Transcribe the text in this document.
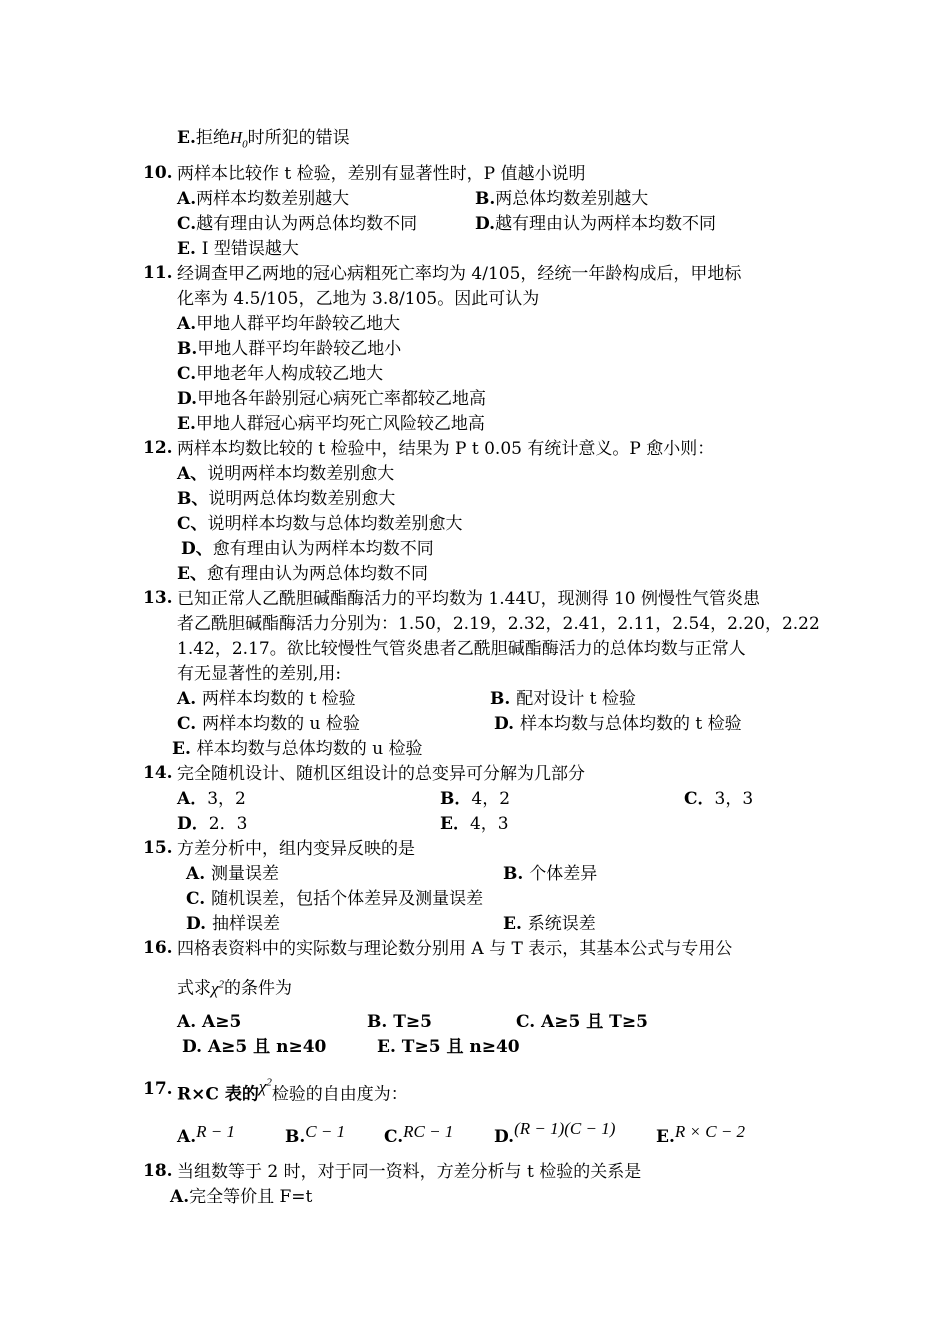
E.拒绝$H_0$时所犯的错误
10. 两样本比较作 t 检验，差别有显著性时，P 值越小说明
A.两样本均数差别越大	B.两总体均数差别越大
C.越有理由认为两总体均数不同	D.越有理由认为两样本均数不同
E. I 型错误越大
11. 经调查甲乙两地的冠心病粗死亡率均为 4/105，经统一年龄构成后，甲地标
化率为 4.5/105，乙地为 3.8/105。因此可认为
A.甲地人群平均年龄较乙地大
B.甲地人群平均年龄较乙地小
C.甲地老年人构成较乙地大
D.甲地各年龄别冠心病死亡率都较乙地高
E.甲地人群冠心病平均死亡风险较乙地高
12. 两样本均数比较的 t 检验中，结果为 P t 0.05 有统计意义。P 愈小则：
A、说明两样本均数差别愈大
B、说明两总体均数差别愈大
C、说明样本均数与总体均数差别愈大
D、愈有理由认为两样本均数不同
E、愈有理由认为两总体均数不同
13. 已知正常人乙酰胆碱酯酶活力的平均数为 1.44U，现测得 10 例慢性气管炎患
者乙酰胆碱酯酶活力分别为：1.50，2.19，2.32，2.41，2.11，2.54，2.20，2.22
1.42，2.17。欲比较慢性气管炎患者乙酰胆碱酯酶活力的总体均数与正常人
有无显著性的差别,用:
A. 两样本均数的 t 检验	B. 配对设计 t 检验
C. 两样本均数的 u 检验	D. 样本均数与总体均数的 t 检验
E. 样本均数与总体均数的 u 检验
14. 完全随机设计、随机区组设计的总变异可分解为几部分
A．3，2	B．4，2	C．3，3
D．2．3	E．4，3
15. 方差分析中，组内变异反映的是
A. 测量误差	B. 个体差异
C. 随机误差，包括个体差异及测量误差
D. 抽样误差	E. 系统误差
16. 四格表资料中的实际数与理论数分别用 A 与 T 表示，其基本公式与专用公
式求$\chi^2$的条件为
A. A≥5	B. T≥5	C. A≥5 且 T≥5
D. A≥5 且 n≥40	E. T≥5 且 n≥40
17. R×C 表的$\chi^2$检验的自由度为：
A.R − 1	B.C − 1 C.RC − 1 D.(R − 1)(C − 1) E.R × C − 2
18. 当组数等于 2 时，对于同一资料，方差分析与 t 检验的关系是
A.完全等价且 F=t
